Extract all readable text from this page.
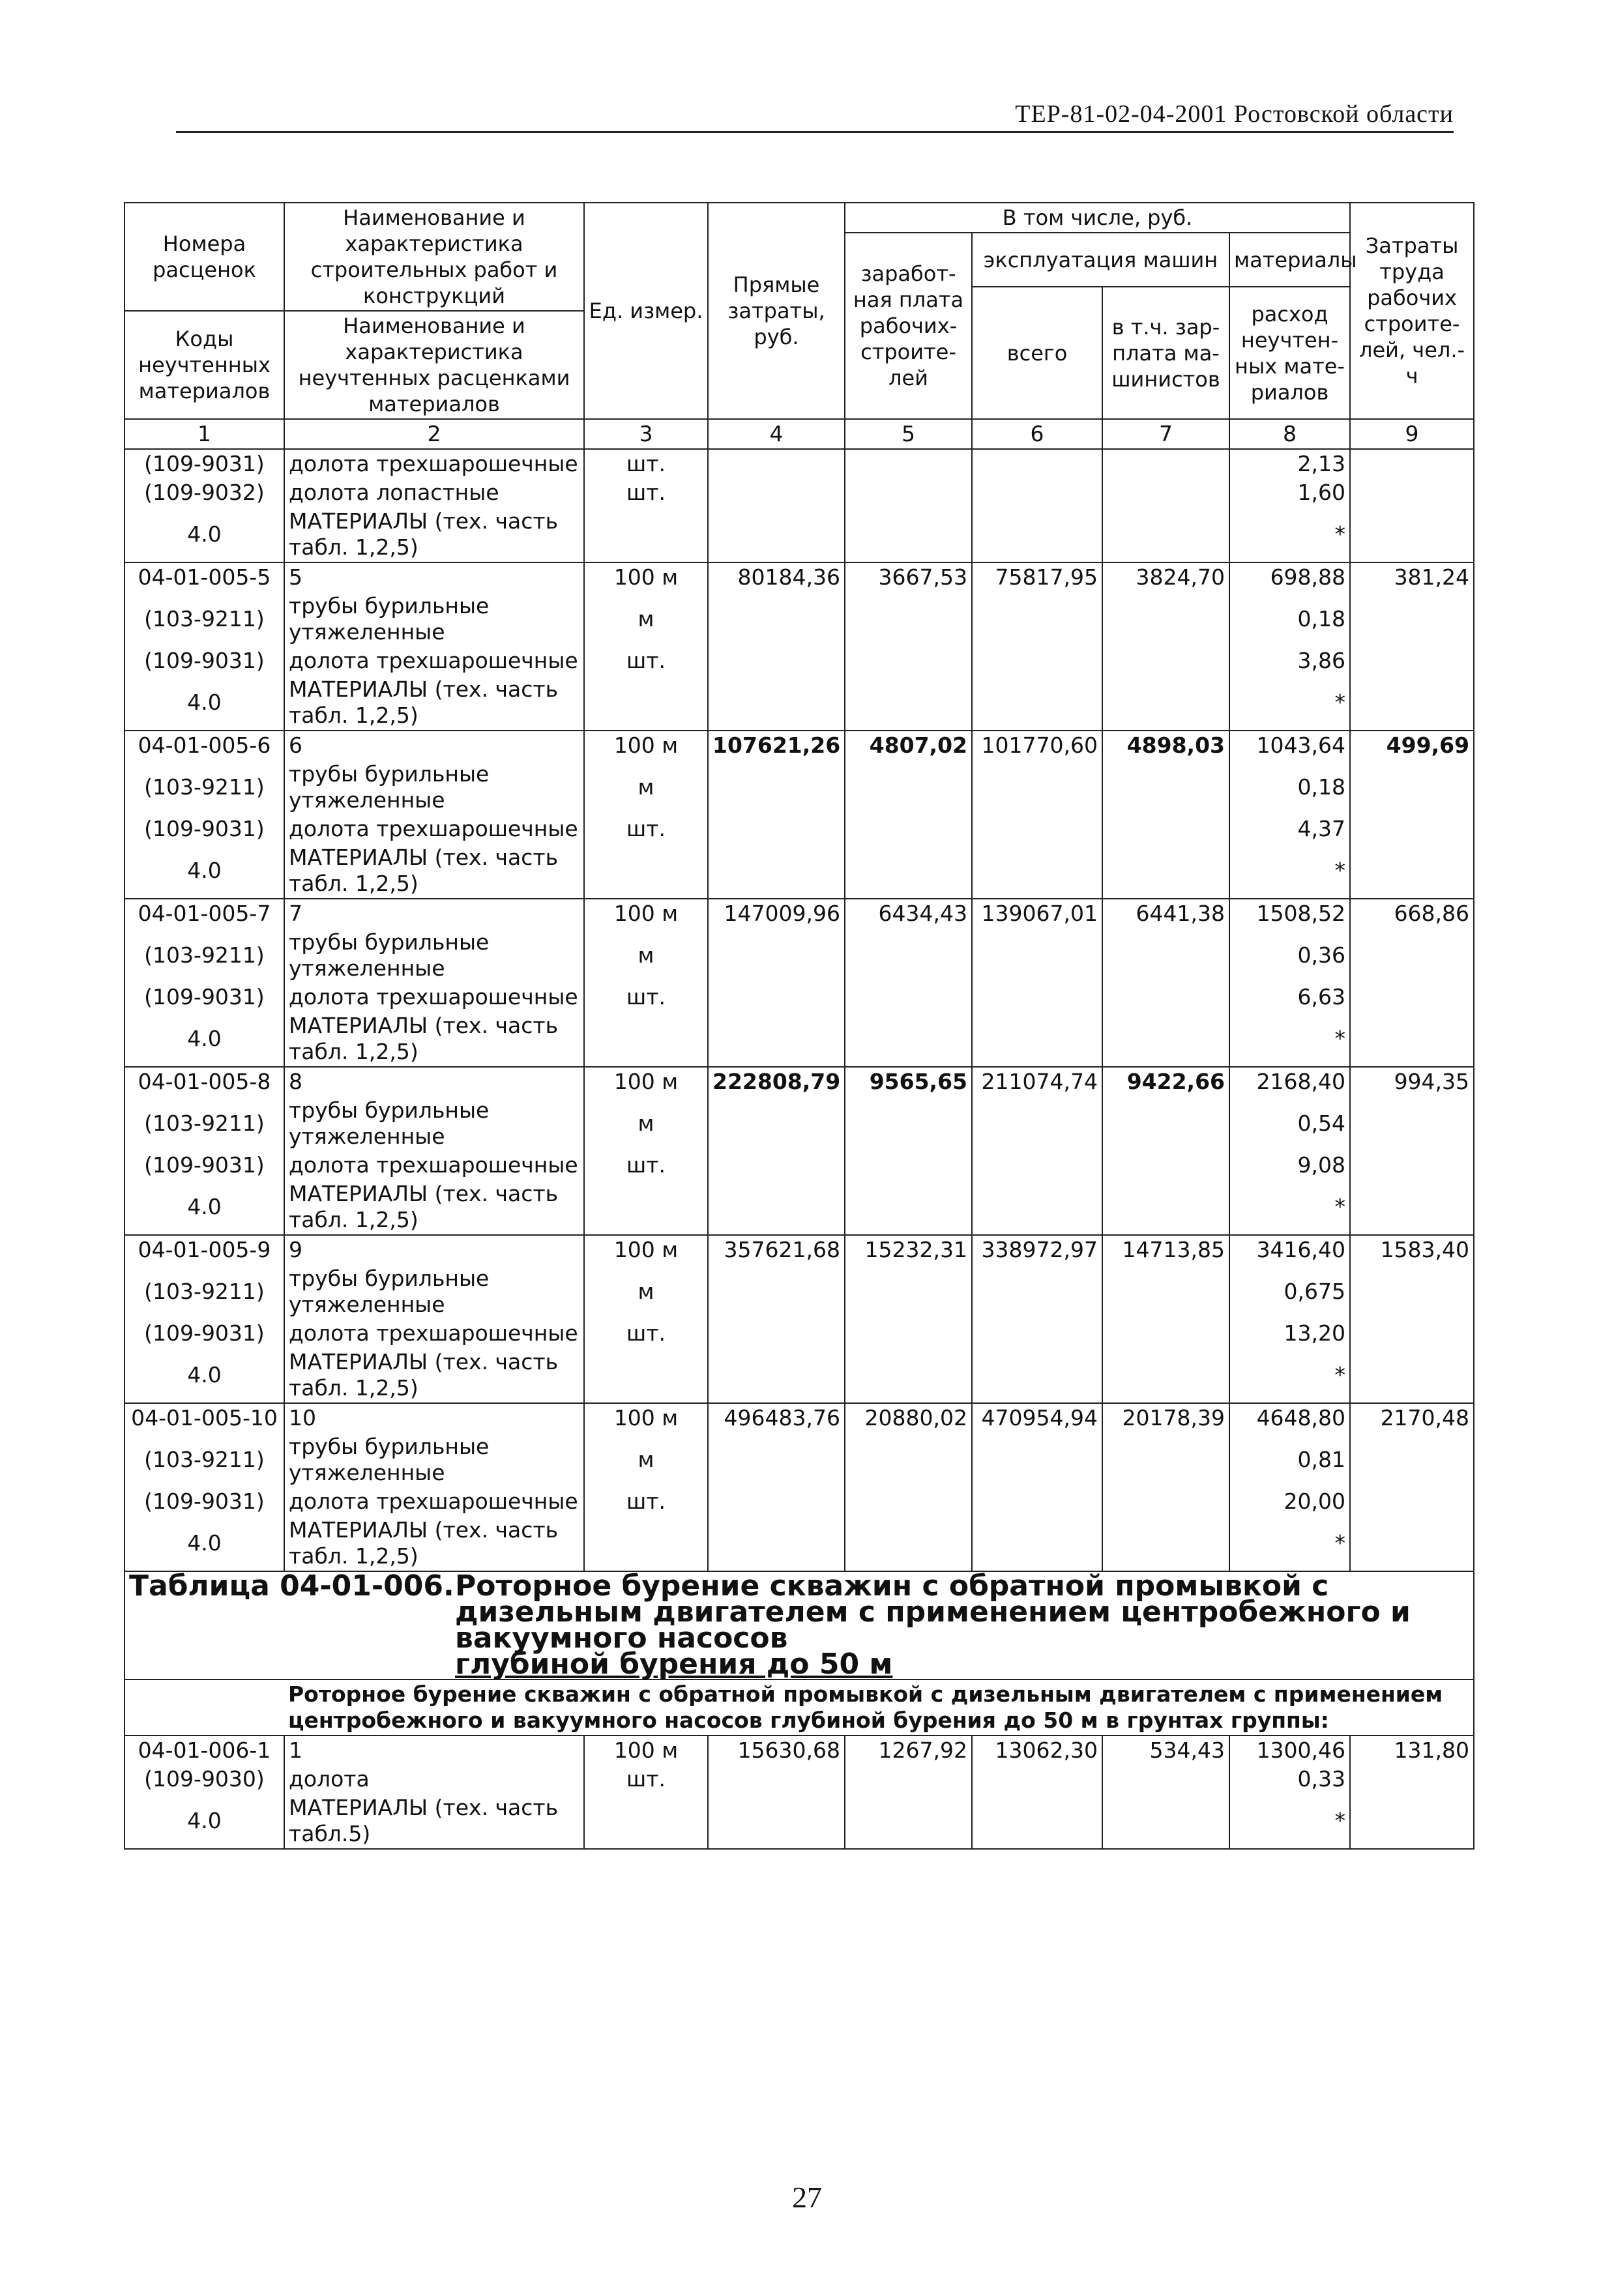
ТЕР-81-02-04-2001 Ростовской области
Номера расценок	Наименование и характеристика строительных работ и конструкций	Ед. измер.	Прямые затраты, руб.	В том числе, руб.				Затраты труда рабочих строите-лей, чел.-ч
				заработ-ная плата рабочих-строите-лей	эксплуатация машин		материалы	
					всего	в т.ч. зар-плата ма-шинистов	расход неучтен-ных мате-риалов	
Коды неучтенных материалов	Наименование и характеристика неучтенных расценками материалов							

1	2	3	4	5	6	7	8	9
(109-9031)	долота трехшарошечные	шт.					2,13	
(109-9032)	долота лопастные	шт.					1,60	
4.0	МАТЕРИАЛЫ (тех. часть табл. 1,2,5)						*	
04-01-005-5	5	100 м	80184,36	3667,53	75817,95	3824,70	698,88	381,24
(103-9211)	трубы бурильные утяжеленные	м					0,18	
(109-9031)	долота трехшарошечные	шт.					3,86	
4.0	МАТЕРИАЛЫ (тех. часть табл. 1,2,5)						*	
04-01-005-6	6	100 м	107621,26	4807,02	101770,60	4898,03	1043,64	499,69
(103-9211)	трубы бурильные утяжеленные	м					0,18	
(109-9031)	долота трехшарошечные	шт.					4,37	
4.0	МАТЕРИАЛЫ (тех. часть табл. 1,2,5)						*	
04-01-005-7	7	100 м	147009,96	6434,43	139067,01	6441,38	1508,52	668,86
(103-9211)	трубы бурильные утяжеленные	м					0,36	
(109-9031)	долота трехшарошечные	шт.					6,63	
4.0	МАТЕРИАЛЫ (тех. часть табл. 1,2,5)						*	
04-01-005-8	8	100 м	222808,79	9565,65	211074,74	9422,66	2168,40	994,35
(103-9211)	трубы бурильные утяжеленные	м					0,54	
(109-9031)	долота трехшарошечные	шт.					9,08	
4.0	МАТЕРИАЛЫ (тех. часть табл. 1,2,5)						*	
04-01-005-9	9	100 м	357621,68	15232,31	338972,97	14713,85	3416,40	1583,40
(103-9211)	трубы бурильные утяжеленные	м					0,675	
(109-9031)	долота трехшарошечные	шт.					13,20	
4.0	МАТЕРИАЛЫ (тех. часть табл. 1,2,5)						*	
04-01-005-10	10	100 м	496483,76	20880,02	470954,94	20178,39	4648,80	2170,48
(103-9211)	трубы бурильные утяжеленные	м					0,81	
(109-9031)	долота трехшарошечные	шт.					20,00	
4.0	МАТЕРИАЛЫ (тех. часть табл. 1,2,5)						*	
Таблица 04-01-006.Роторное бурение скважин с обратной промывкой с дизельным двигателем с применением центробежного и вакуумного насосов
глубиной бурения до 50 м								
Роторное бурение скважин с обратной промывкой с дизельным двигателем с применением центробежного и вакуумного насосов глубиной бурения до 50 м в грунтах группы:								
04-01-006-1	1	100 м	15630,68	1267,92	13062,30	534,43	1300,46	131,80
(109-9030)	долота	шт.					0,33	
4.0	МАТЕРИАЛЫ (тех. часть табл.5)						*	
27
